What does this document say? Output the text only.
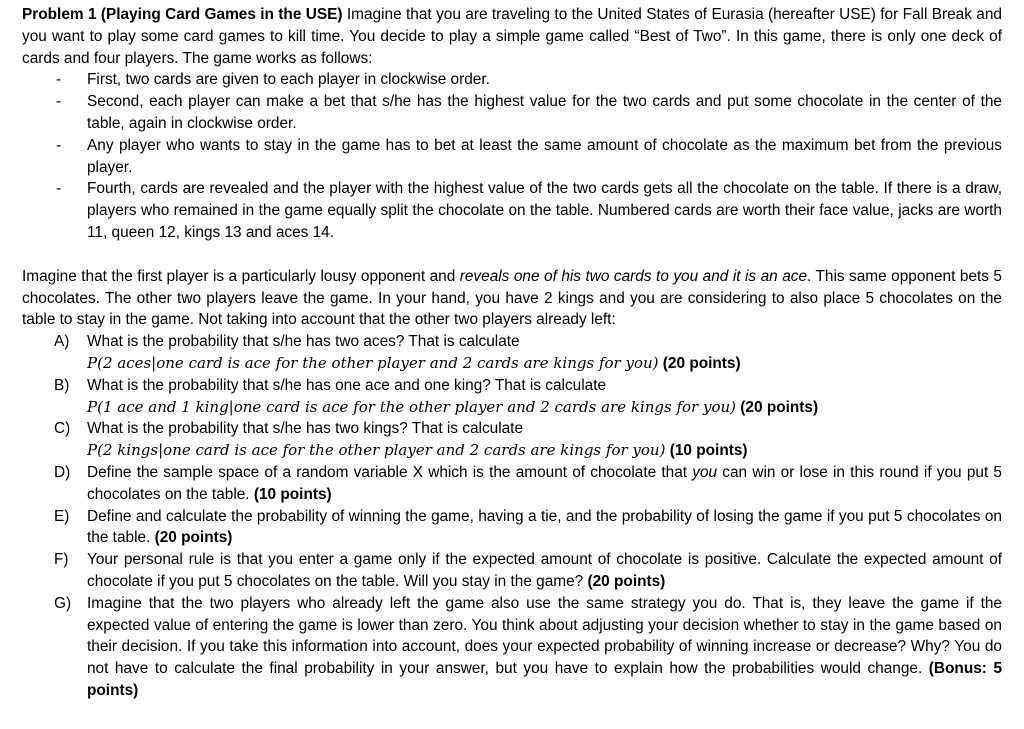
Problem 1 (Playing Card Games in the USE) Imagine that you are traveling to the United States of Eurasia (hereafter USE) for Fall Break and you want to play some card games to kill time. You decide to play a simple game called “Best of Two”. In this game, there is only one deck of cards and four players. The game works as follows:

- First, two cards are given to each player in clockwise order.
- Second, each player can make a bet that s/he has the highest value for the two cards and put some chocolate in the center of the table, again in clockwise order.
- Any player who wants to stay in the game has to bet at least the same amount of chocolate as the maximum bet from the previous player.
- Fourth, cards are revealed and the player with the highest value of the two cards gets all the chocolate on the table. If there is a draw, players who remained in the game equally split the chocolate on the table. Numbered cards are worth their face value, jacks are worth 11, queen 12, kings 13 and aces 14.

Imagine that the first player is a particularly lousy opponent and reveals one of his two cards to you and it is an ace. This same opponent bets 5 chocolates. The other two players leave the game. In your hand, you have 2 kings and you are considering to also place 5 chocolates on the table to stay in the game. Not taking into account that the other two players already left:

A) What is the probability that s/he has two aces? That is calculate
P(2 aces|one card is ace for the other player and 2 cards are kings for you) (20 points)
B) What is the probability that s/he has one ace and one king? That is calculate
P(1 ace and 1 king|one card is ace for the other player and 2 cards are kings for you) (20 points)
C) What is the probability that s/he has two kings? That is calculate
P(2 kings|one card is ace for the other player and 2 cards are kings for you) (10 points)
D) Define the sample space of a random variable X which is the amount of chocolate that you can win or lose in this round if you put 5 chocolates on the table. (10 points)
E) Define and calculate the probability of winning the game, having a tie, and the probability of losing the game if you put 5 chocolates on the table. (20 points)
F) Your personal rule is that you enter a game only if the expected amount of chocolate is positive. Calculate the expected amount of chocolate if you put 5 chocolates on the table. Will you stay in the game? (20 points)
G) Imagine that the two players who already left the game also use the same strategy you do. That is, they leave the game if the expected value of entering the game is lower than zero. You think about adjusting your decision whether to stay in the game based on their decision. If you take this information into account, does your expected probability of winning increase or decrease? Why? You do not have to calculate the final probability in your answer, but you have to explain how the probabilities would change. (Bonus: 5 points)
